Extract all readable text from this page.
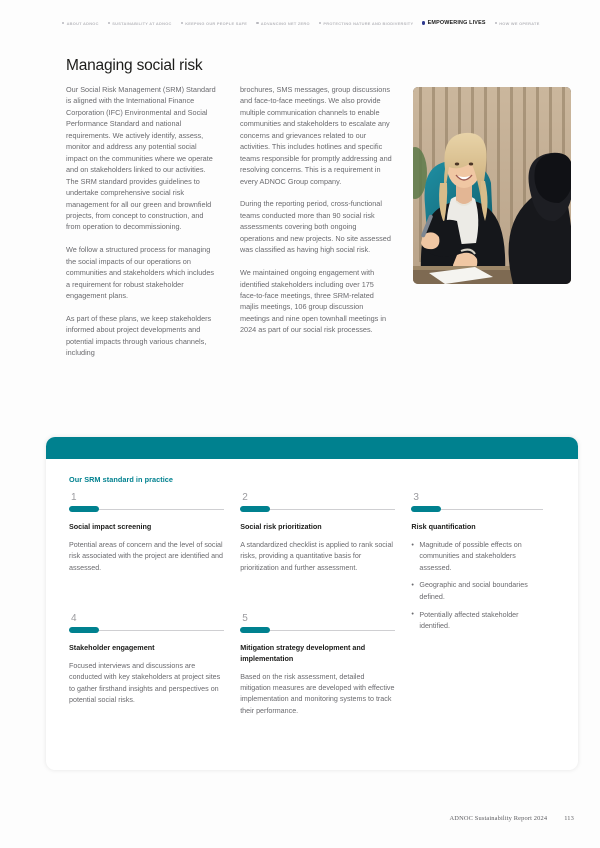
ABOUT ADNOC	SUSTAINABILITY AT ADNOC	KEEPING OUR PEOPLE SAFE	ADVANCING NET ZERO	PROTECTING NATURE AND BIODIVERSITY	EMPOWERING LIVES	HOW WE OPERATE
Managing social risk

Our Social Risk Management (SRM) Standard is aligned with the International Finance Corporation (IFC) Environmental and Social Performance Standard and national requirements. We actively identify, assess, monitor and address any potential social impact on the communities where we operate and on stakeholders linked to our activities. The SRM standard provides guidelines to undertake comprehensive social risk management for all our green and brownfield projects, from concept to construction, and from operation to decommissioning.

We follow a structured process for managing the social impacts of our operations on communities and stakeholders which includes a requirement for robust stakeholder engagement plans.

As part of these plans, we keep stakeholders informed about project developments and potential impacts through various channels, including

brochures, SMS messages, group discussions and face-to-face meetings. We also provide multiple communication channels to enable communities and stakeholders to escalate any concerns and grievances related to our activities. This includes hotlines and specific teams responsible for promptly addressing and resolving concerns. This is a requirement in every ADNOC Group company.

During the reporting period, cross-functional teams conducted more than 90 social risk assessments covering both ongoing operations and new projects. No site assessed was classified as having high social risk.

We maintained ongoing engagement with identified stakeholders including over 175 face-to-face meetings, three SRM-related majlis meetings, 106 group discussion meetings and nine open townhall meetings in 2024 as part of our social risk processes.

Our SRM standard in practice
1
Social impact screening
Potential areas of concern and the level of social risk associated with the project are identified and assessed.
2
Social risk prioritization
A standardized checklist is applied to rank social risks, providing a quantitative basis for prioritization and further assessment.
3
Risk quantification
• Magnitude of possible effects on communities and stakeholders assessed.
• Geographic and social boundaries defined.
• Potentially affected stakeholder identified.
4
Stakeholder engagement
Focused interviews and discussions are conducted with key stakeholders at project sites to gather firsthand insights and perspectives on potential social risks.
5
Mitigation strategy development and implementation
Based on the risk assessment, detailed mitigation measures are developed with effective implementation and monitoring systems to track their performance.
ADNOC Sustainability Report 2024	113
